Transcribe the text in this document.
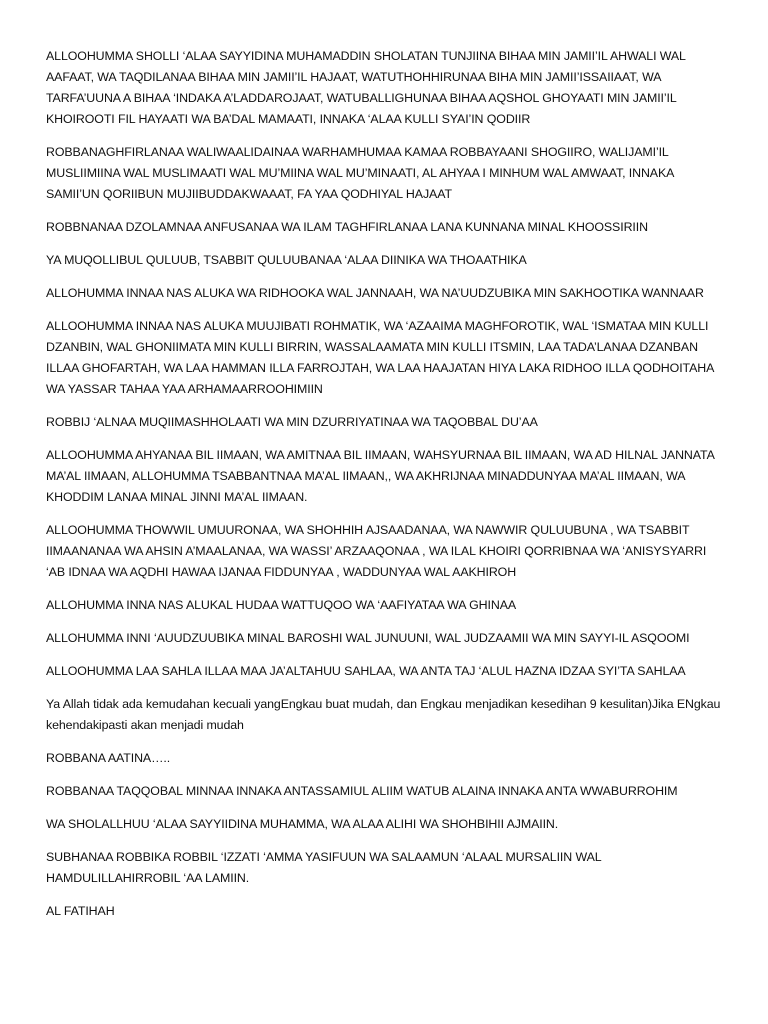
ALLOOHUMMA SHOLLI ‘ALAA SAYYIDINA MUHAMADDIN SHOLATAN TUNJIINA BIHAA MIN JAMII’IL AHWALI WAL AAFAAT, WA TAQDILANAA BIHAA MIN JAMII’IL HAJAAT, WATUTHOHHIRUNAA BIHA MIN JAMII’ISSAIIAAT, WA TARFA’UUNA A BIHAA ‘INDAKA A’LADDAROJAAT, WATUBALLIGHUNAA BIHAA AQSHOL GHOYAATI MIN JAMII’IL KHOIROOTI FIL HAYAATI WA BA’DAL MAMAATI, INNAKA ‘ALAA KULLI SYAI’IN QODIIR

ROBBANAGHFIRLANAA WALIWAALIDAINAA WARHAMHUMAA KAMAA ROBBAYAANI SHOGIIRO, WALIJAMI’IL MUSLIIMIINA WAL MUSLIMAATI WAL MU’MIINA WAL MU’MINAATI, AL AHYAA I MINHUM WAL AMWAAT, INNAKA SAMII’UN QORIIBUN MUJIIBUDDAKWAAAT, FA YAA QODHIYAL HAJAAT

ROBBNANAA DZOLAMNAA ANFUSANAA WA ILAM TAGHFIRLANAA LANA KUNNANA MINAL KHOOSSIRIIN

YA MUQOLLIBUL QULUUB, TSABBIT QULUUBANAA ‘ALAA DIINIKA WA THOAATHIKA

ALLOHUMMA INNAA NAS ALUKA WA RIDHOOKA WAL JANNAAH, WA NA’UUDZUBIKA MIN SAKHOOTIKA WANNAAR

ALLOOHUMMA INNAA NAS ALUKA MUUJIBATI ROHMATIK, WA ‘AZAAIMA MAGHFOROTIK, WAL ‘ISMATAA MIN KULLI DZANBIN, WAL GHONIIMATA MIN KULLI BIRRIN, WASSALAAMATA MIN KULLI ITSMIN, LAA TADA’LANAA DZANBAN ILLAA GHOFARTAH, WA LAA HAMMAN ILLA FARROJTAH, WA LAA HAAJATAN HIYA LAKA RIDHOO ILLA QODHOITAHA WA YASSAR TAHAA YAA ARHAMAARROOHIMIIN

ROBBIJ ‘ALNAA MUQIIMASHHOLAATI WA MIN DZURRIYATINAA WA TAQOBBAL DU’AA

ALLOOHUMMA AHYANAA BIL IIMAAN, WA AMITNAA BIL IIMAAN, WAHSYURNAA BIL IIMAAN, WA AD HILNAL JANNATA MA’AL IIMAAN, ALLOHUMMA TSABBANTNAA MA’AL IIMAAN,, WA AKHRIJNAA MINADDUNYAA MA’AL IIMAAN, WA KHODDIM LANAA MINAL JINNI MA’AL IIMAAN.

ALLOOHUMMA THOWWIL UMUURONAA, WA SHOHHIH AJSAADANAA, WA NAWWIR QULUUBUNA , WA TSABBIT IIMAANANAA WA AHSIN A’MAALANAA, WA WASSI’ ARZAAQONAA , WA ILAL KHOIRI QORRIBNAA WA ‘ANISYSYARRI ‘AB IDNAA WA AQDHI HAWAA IJANAA FIDDUNYAA , WADDUNYAA WAL AAKHIROH

ALLOHUMMA INNA NAS ALUKAL HUDAA WATTUQOO WA ‘AAFIYATAA WA GHINAA

ALLOHUMMA INNI ‘AUUDZUUBIKA MINAL BAROSHI WAL JUNUUNI, WAL JUDZAAMII WA MIN SAYYI-IL ASQOOMI

ALLOOHUMMA LAA SAHLA ILLAA MAA JA’ALTAHUU SAHLAA, WA ANTA TAJ ‘ALUL HAZNA IDZAA SYI’TA SAHLAA

Ya Allah tidak ada kemudahan kecuali yangEngkau buat mudah, dan Engkau menjadikan kesedihan 9 kesulitan)Jika ENgkau kehendakipasti akan menjadi mudah

ROBBANA AATINA…..

ROBBANAA TAQQOBAL MINNAA INNAKA ANTASSAMIUL ALIIM WATUB ALAINA INNAKA ANTA WWABURROHIM

WA SHOLALLHUU ‘ALAA SAYYIIDINA MUHAMMA, WA ALAA ALIHI WA SHOHBIHII AJMAIIN.

SUBHANAA ROBBIKA ROBBIL ‘IZZATI ‘AMMA YASIFUUN WA SALAAMUN ‘ALAAL MURSALIIN WAL HAMDULILLAHIRROBIL ‘AA LAMIIN.

AL FATIHAH
